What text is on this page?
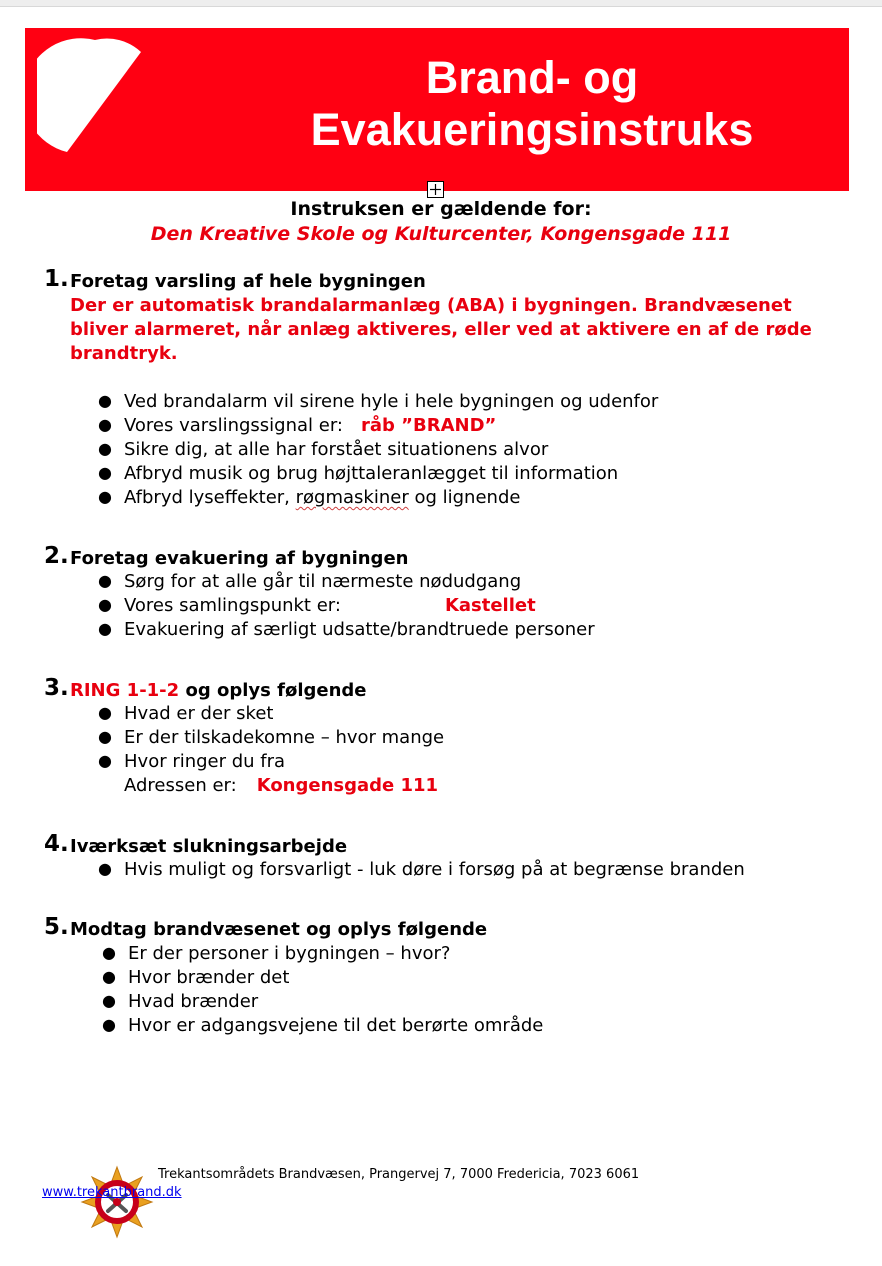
Brand- og
Evakueringsinstruks
Instruksen er gældende for:
Den Kreative Skole og Kulturcenter, Kongensgade 111
1. Foretag varsling af hele bygningen
Der er automatisk brandalarmanlæg (ABA) i bygningen. Brandvæsenet bliver alarmeret, når anlæg aktiveres, eller ved at aktivere en af de røde brandtryk.
● Ved brandalarm vil sirene hyle i hele bygningen og udenfor
● Vores varslingssignal er: råb ”BRAND”
● Sikre dig, at alle har forstået situationens alvor
● Afbryd musik og brug højttaleranlægget til information
● Afbryd lyseffekter, røgmaskiner og lignende
2. Foretag evakuering af bygningen
● Sørg for at alle går til nærmeste nødudgang
● Vores samlingspunkt er:	Kastellet
● Evakuering af særligt udsatte/brandtruede personer
3. RING 1-1-2 og oplys følgende
● Hvad er der sket
● Er der tilskadekomne – hvor mange
● Hvor ringer du fra
Adressen er: Kongensgade 111
4. Iværksæt slukningsarbejde
● Hvis muligt og forsvarligt - luk døre i forsøg på at begrænse branden
5. Modtag brandvæsenet og oplys følgende
● Er der personer i bygningen – hvor?
● Hvor brænder det
● Hvad brænder
● Hvor er adgangsvejene til det berørte område
Trekantsområdets Brandvæsen, Prangervej 7, 7000 Fredericia, 7023 6061
www.trekantbrand.dk
